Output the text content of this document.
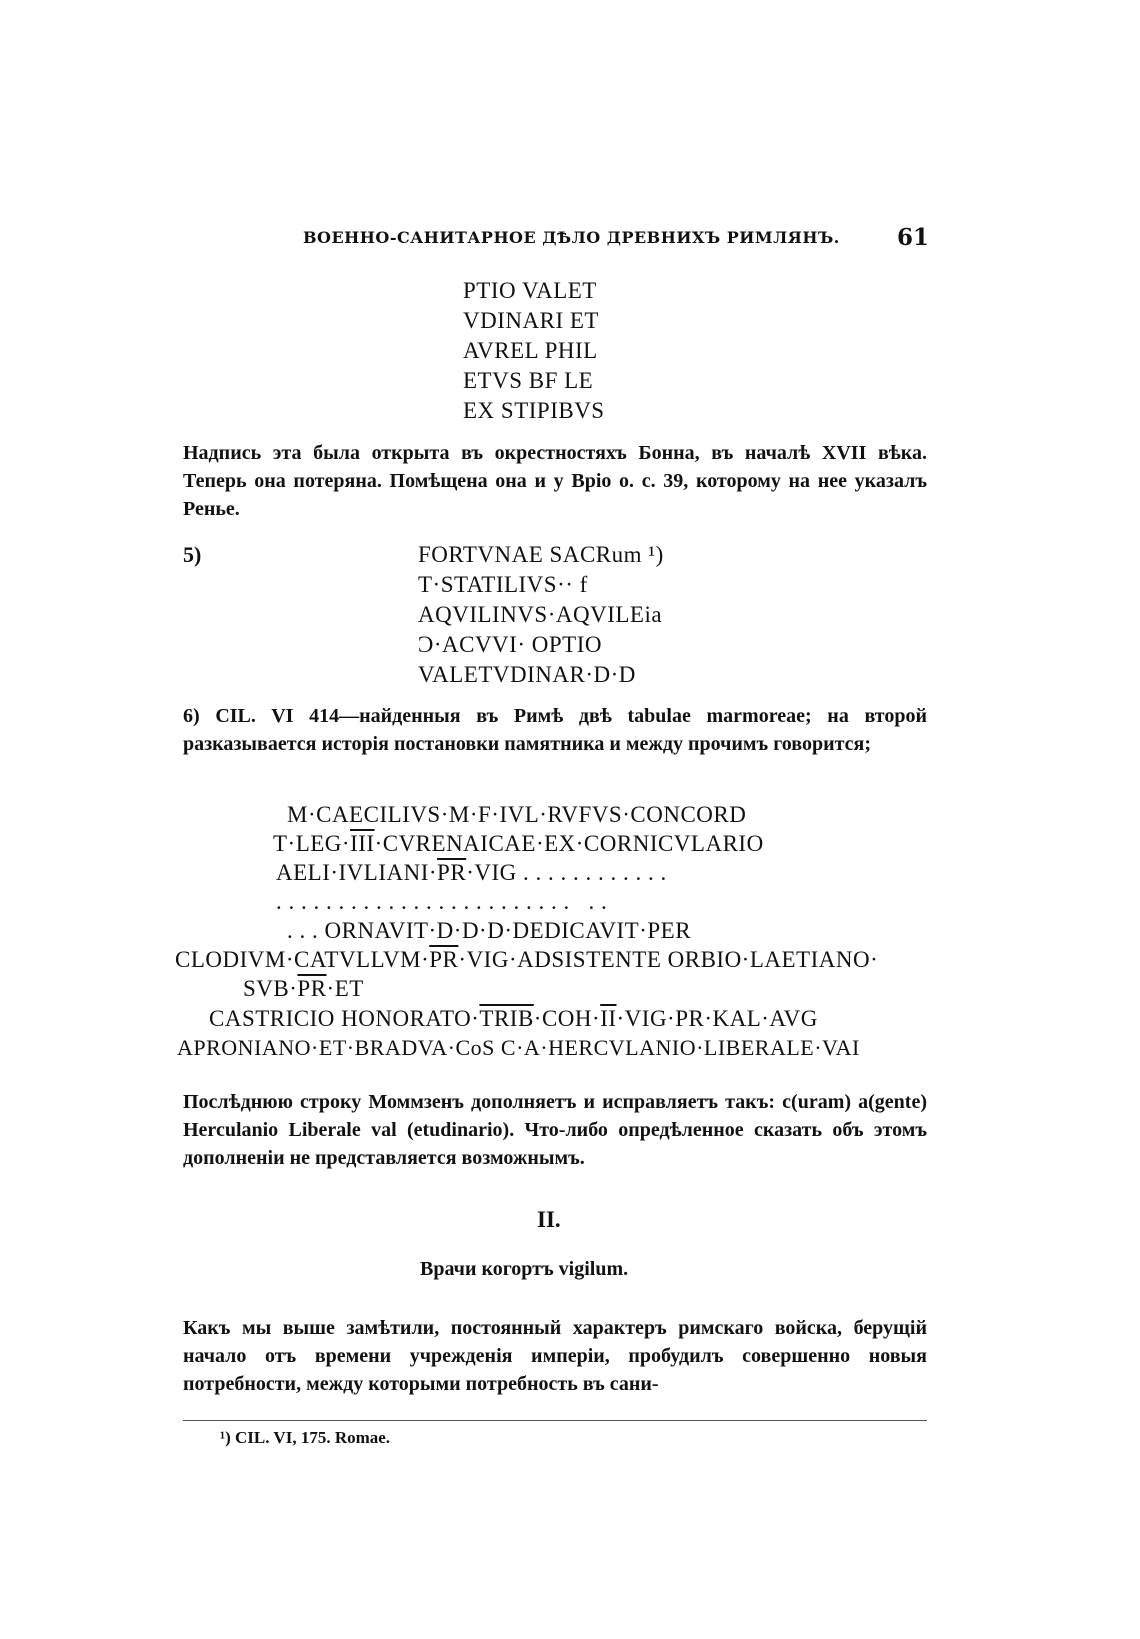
ВОЕННО-САНИТАРНОЕ ДѢЛО ДРЕВНИХЪ РИМЛЯНЪ. 61
PTIO VALET
VDINARI ET
AVREL PHIL
ETVS BF LE
EX STIPIBVS
Надпись эта была открыта въ окрестностяхъ Бонна, въ началѣ XVII вѣка. Теперь она потеряна. Помѣщена она и у Вріо о. с. 39, которому на нее указалъ Ренье.
5)	FORTVNAE SACRum ¹)
T·STATILIVS·· f
AQVILINVS·AQVILEia
Ͻ·ACVVI· OPTIO
VALETVDINAR·D·D
6) CIL. VI 414—найденныя въ Римѣ двѣ tabulae marmoreae; на второй разказывается исторія постановки памятника и между прочимъ говорится;
M·CAECILIVS·M·F·IVL·RVFVS·CONCORD
$T\cdot LEG\cdot\overline{III}\cdot CVRENAICAE\cdot EX\cdot CORNICVLARIO$
$AELI\cdot IVLIANI\cdot\overline{PR}\cdot VIG$ . . . . . . . . . . . .
. . . . . . . . . . . . . . . . . . . . . . . .   . .
. . . ORNAVIT·D·D·D·DEDICAVIT·PER
$CLODIVM\cdot CATVLLVM\cdot\overline{PR}\cdot VIG\cdot ADSISTENTE$ ORBIO·LAETIANO·
$SVB\cdot\overline{PR}\cdot ET$
CASTRICIO $HONORATO\cdot TRIB\cdot COH\cdot\overline{II}\cdot VIG\cdot PR\cdot KAL\cdot AVG$
APRONIANO·ET·BRADVA·CoS C·A·HERCVLANIO·LIBERALE·VAI
Послѣднюю строку Моммзенъ дополняетъ и исправляетъ такъ: c(uram) a(gente) Herculanio Liberale val (etudinario). Что-либо опредѣленное сказать объ этомъ дополненіи не представляется возможнымъ.
II.
Врачи когортъ vigilum.
Какъ мы выше замѣтили, постоянный характеръ римскаго войска, берущій начало отъ времени учрежденія имперіи, пробудилъ совершенно новыя потребности, между которыми потребность въ сани-
¹) CIL. VI, 175. Romae.
